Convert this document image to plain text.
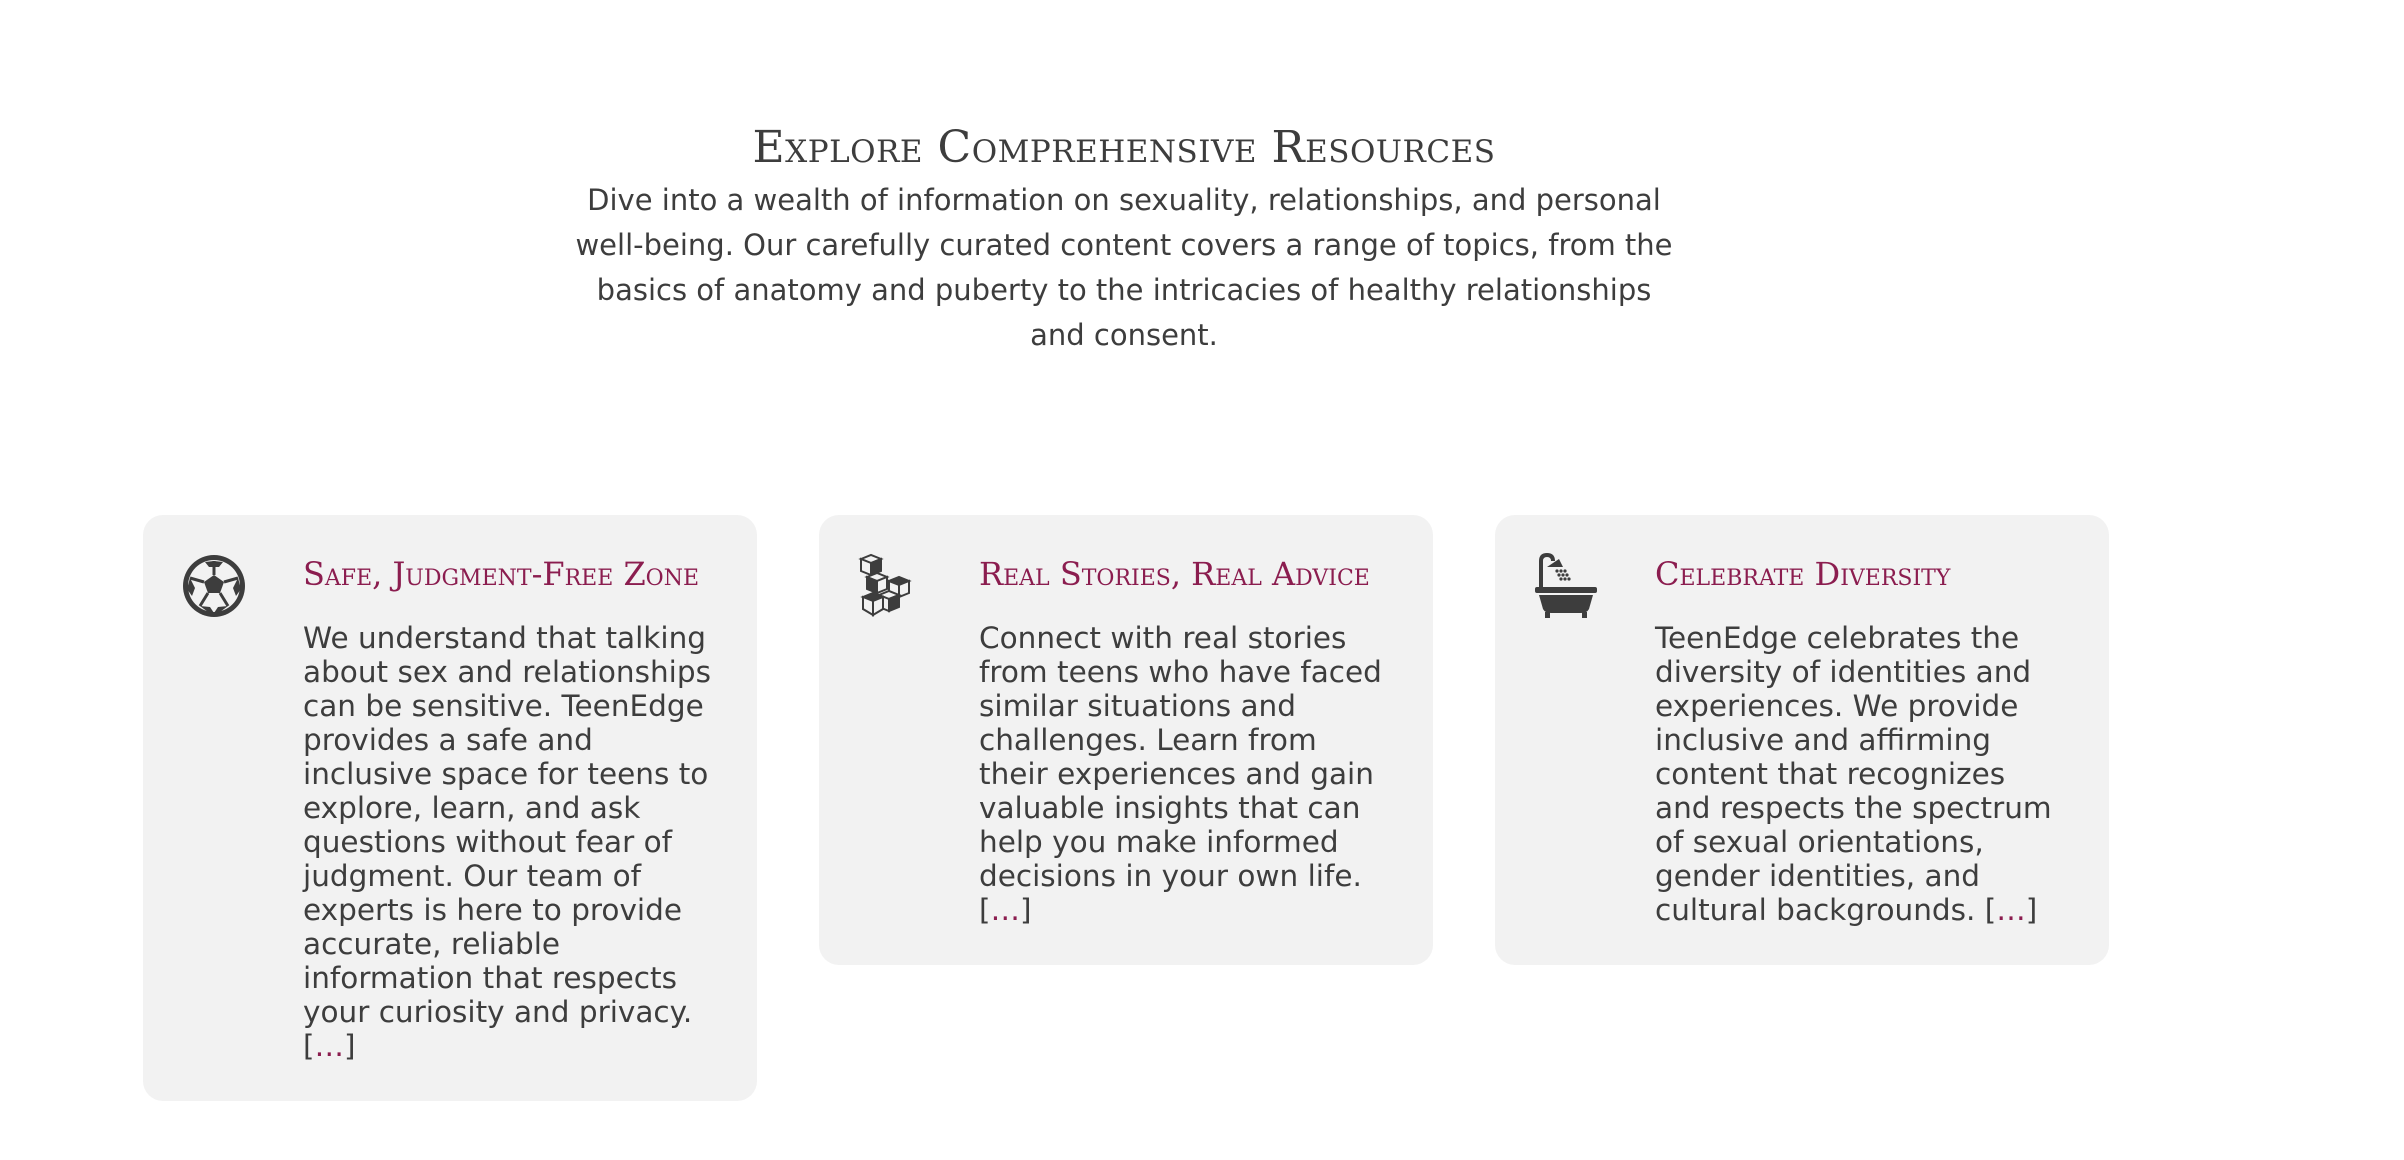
Explore Comprehensive Resources

Dive into a wealth of information on sexuality, relationships, and personal well-being. Our carefully curated content covers a range of topics, from the basics of anatomy and puberty to the intricacies of healthy relationships and consent.

Safe, Judgment-Free Zone

We understand that talking about sex and relationships can be sensitive. TeenEdge provides a safe and inclusive space for teens to explore, learn, and ask questions without fear of judgment. Our team of experts is here to provide accurate, reliable information that respects your curiosity and privacy. […]

Real Stories, Real Advice

Connect with real stories from teens who have faced similar situations and challenges. Learn from their experiences and gain valuable insights that can help you make informed decisions in your own life. […]

Celebrate Diversity

TeenEdge celebrates the diversity of identities and experiences. We provide inclusive and affirming content that recognizes and respects the spectrum of sexual orientations, gender identities, and cultural backgrounds. […]
